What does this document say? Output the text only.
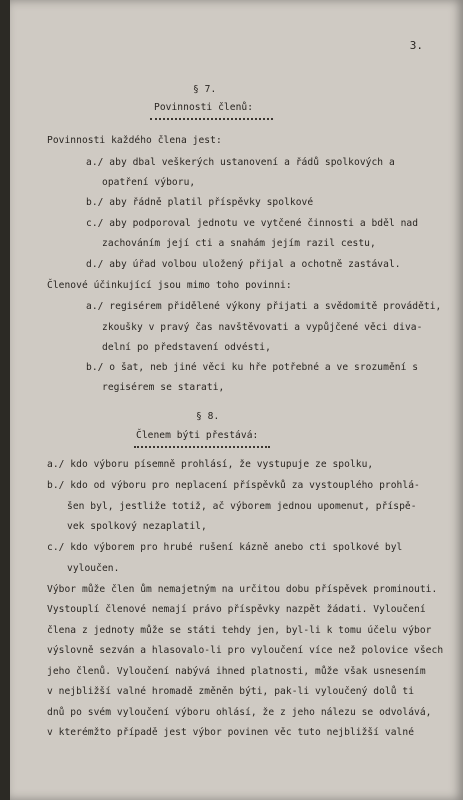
3.
§ 7.
Povinnosti členů:
Povinnosti každého člena jest:
a./ aby dbal veškerých ustanovení a řádů spolkových a
opatření výboru,
b./ aby řádně platil příspěvky spolkové
c./ aby podporoval jednotu ve vytčené činnosti a bděl nad
zachováním její cti a snahám jejím razil cestu,
d./ aby úřad volbou uložený přijal a ochotně zastával.
Členové účinkující jsou mimo toho povinni:
a./ regisérem přidělené výkony přijati a svědomitě prováděti,
zkoušky v pravý čas navštěvovati a vypůjčené věci diva-
delní po představení odvésti,
b./ o šat, neb jiné věci ku hře potřebné a ve srozumění s
regisérem se starati,
§ 8.
Členem býti přestává:
a./ kdo výboru písemně prohlásí, že vystupuje ze spolku,
b./ kdo od výboru pro neplacení příspěvků za vystouplého prohlá-
šen byl, jestliže totiž, ač výborem jednou upomenut, příspě-
vek spolkový nezaplatil,
c./ kdo výborem pro hrubé rušení kázně anebo cti spolkové byl
vyloučen.
Výbor může člen ům nemajetným na určitou dobu příspěvek prominouti.
Vystouplí členové nemají právo příspěvky nazpět žádati. Vyloučení
člena z jednoty může se státi tehdy jen, byl-li k tomu účelu výbor
výslovně sezván a hlasovalo-li pro vyloučení více než polovice všech
jeho členů. Vyloučení nabývá ihned platnosti, může však usnesením
v nejbližší valné hromadě změněn býti, pak-li vyloučený dolů ti
dnů po svém vyloučení výboru ohlásí, že z jeho nálezu se odvolává,
v kterémžto případě jest výbor povinen věc tuto nejbližší valné
